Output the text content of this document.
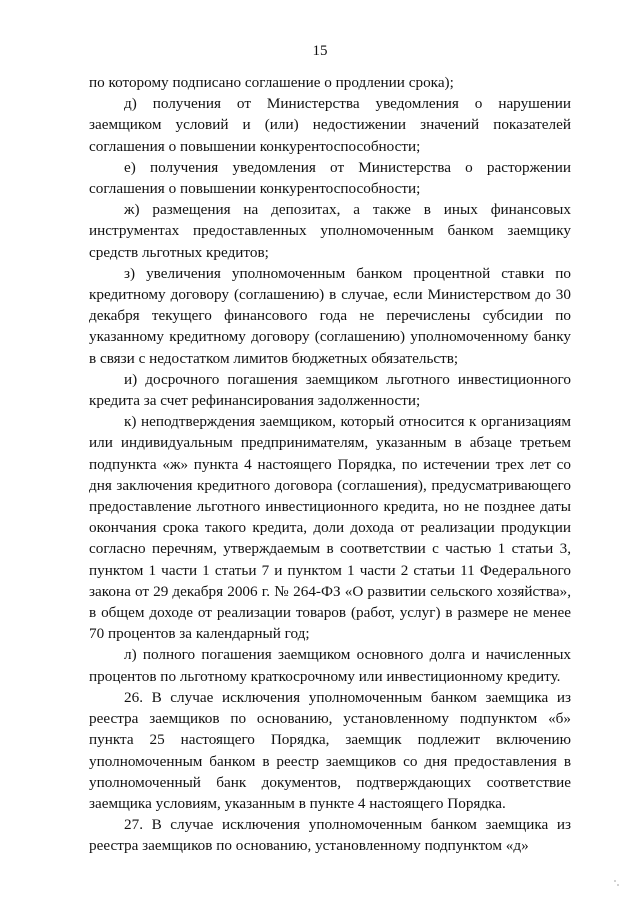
15

по которому подписано соглашение о продлении срока);

д) получения от Министерства уведомления о нарушении заемщиком условий и (или) недостижении значений показателей соглашения о повышении конкурентоспособности;

е) получения уведомления от Министерства о расторжении соглашения о повышении конкурентоспособности;

ж) размещения на депозитах, а также в иных финансовых инструментах предоставленных уполномоченным банком заемщику средств льготных кредитов;

з) увеличения уполномоченным банком процентной ставки по кредитному договору (соглашению) в случае, если Министерством до 30 декабря текущего финансового года не перечислены субсидии по указанному кредитному договору (соглашению) уполномоченному банку в связи с недостатком лимитов бюджетных обязательств;

и) досрочного погашения заемщиком льготного инвестиционного кредита за счет рефинансирования задолженности;

к) неподтверждения заемщиком, который относится к организациям или индивидуальным предпринимателям, указанным в абзаце третьем подпункта «ж» пункта 4 настоящего Порядка, по истечении трех лет со дня заключения кредитного договора (соглашения), предусматривающего предоставление льготного инвестиционного кредита, но не позднее даты окончания срока такого кредита, доли дохода от реализации продукции согласно перечням, утверждаемым в соответствии с частью 1 статьи 3, пунктом 1 части 1 статьи 7 и пунктом 1 части 2 статьи 11 Федерального закона от 29 декабря 2006 г. № 264-ФЗ «О развитии сельского хозяйства», в общем доходе от реализации товаров (работ, услуг) в размере не менее 70 процентов за календарный год;

л) полного погашения заемщиком основного долга и начисленных процентов по льготному краткосрочному или инвестиционному кредиту.

26. В случае исключения уполномоченным банком заемщика из реестра заемщиков по основанию, установленному подпунктом «б» пункта 25 настоящего Порядка, заемщик подлежит включению уполномоченным банком в реестр заемщиков со дня предоставления в уполномоченный банк документов, подтверждающих соответствие заемщика условиям, указанным в пункте 4 настоящего Порядка.

27. В случае исключения уполномоченным банком заемщика из реестра заемщиков по основанию, установленному подпунктом «д»
